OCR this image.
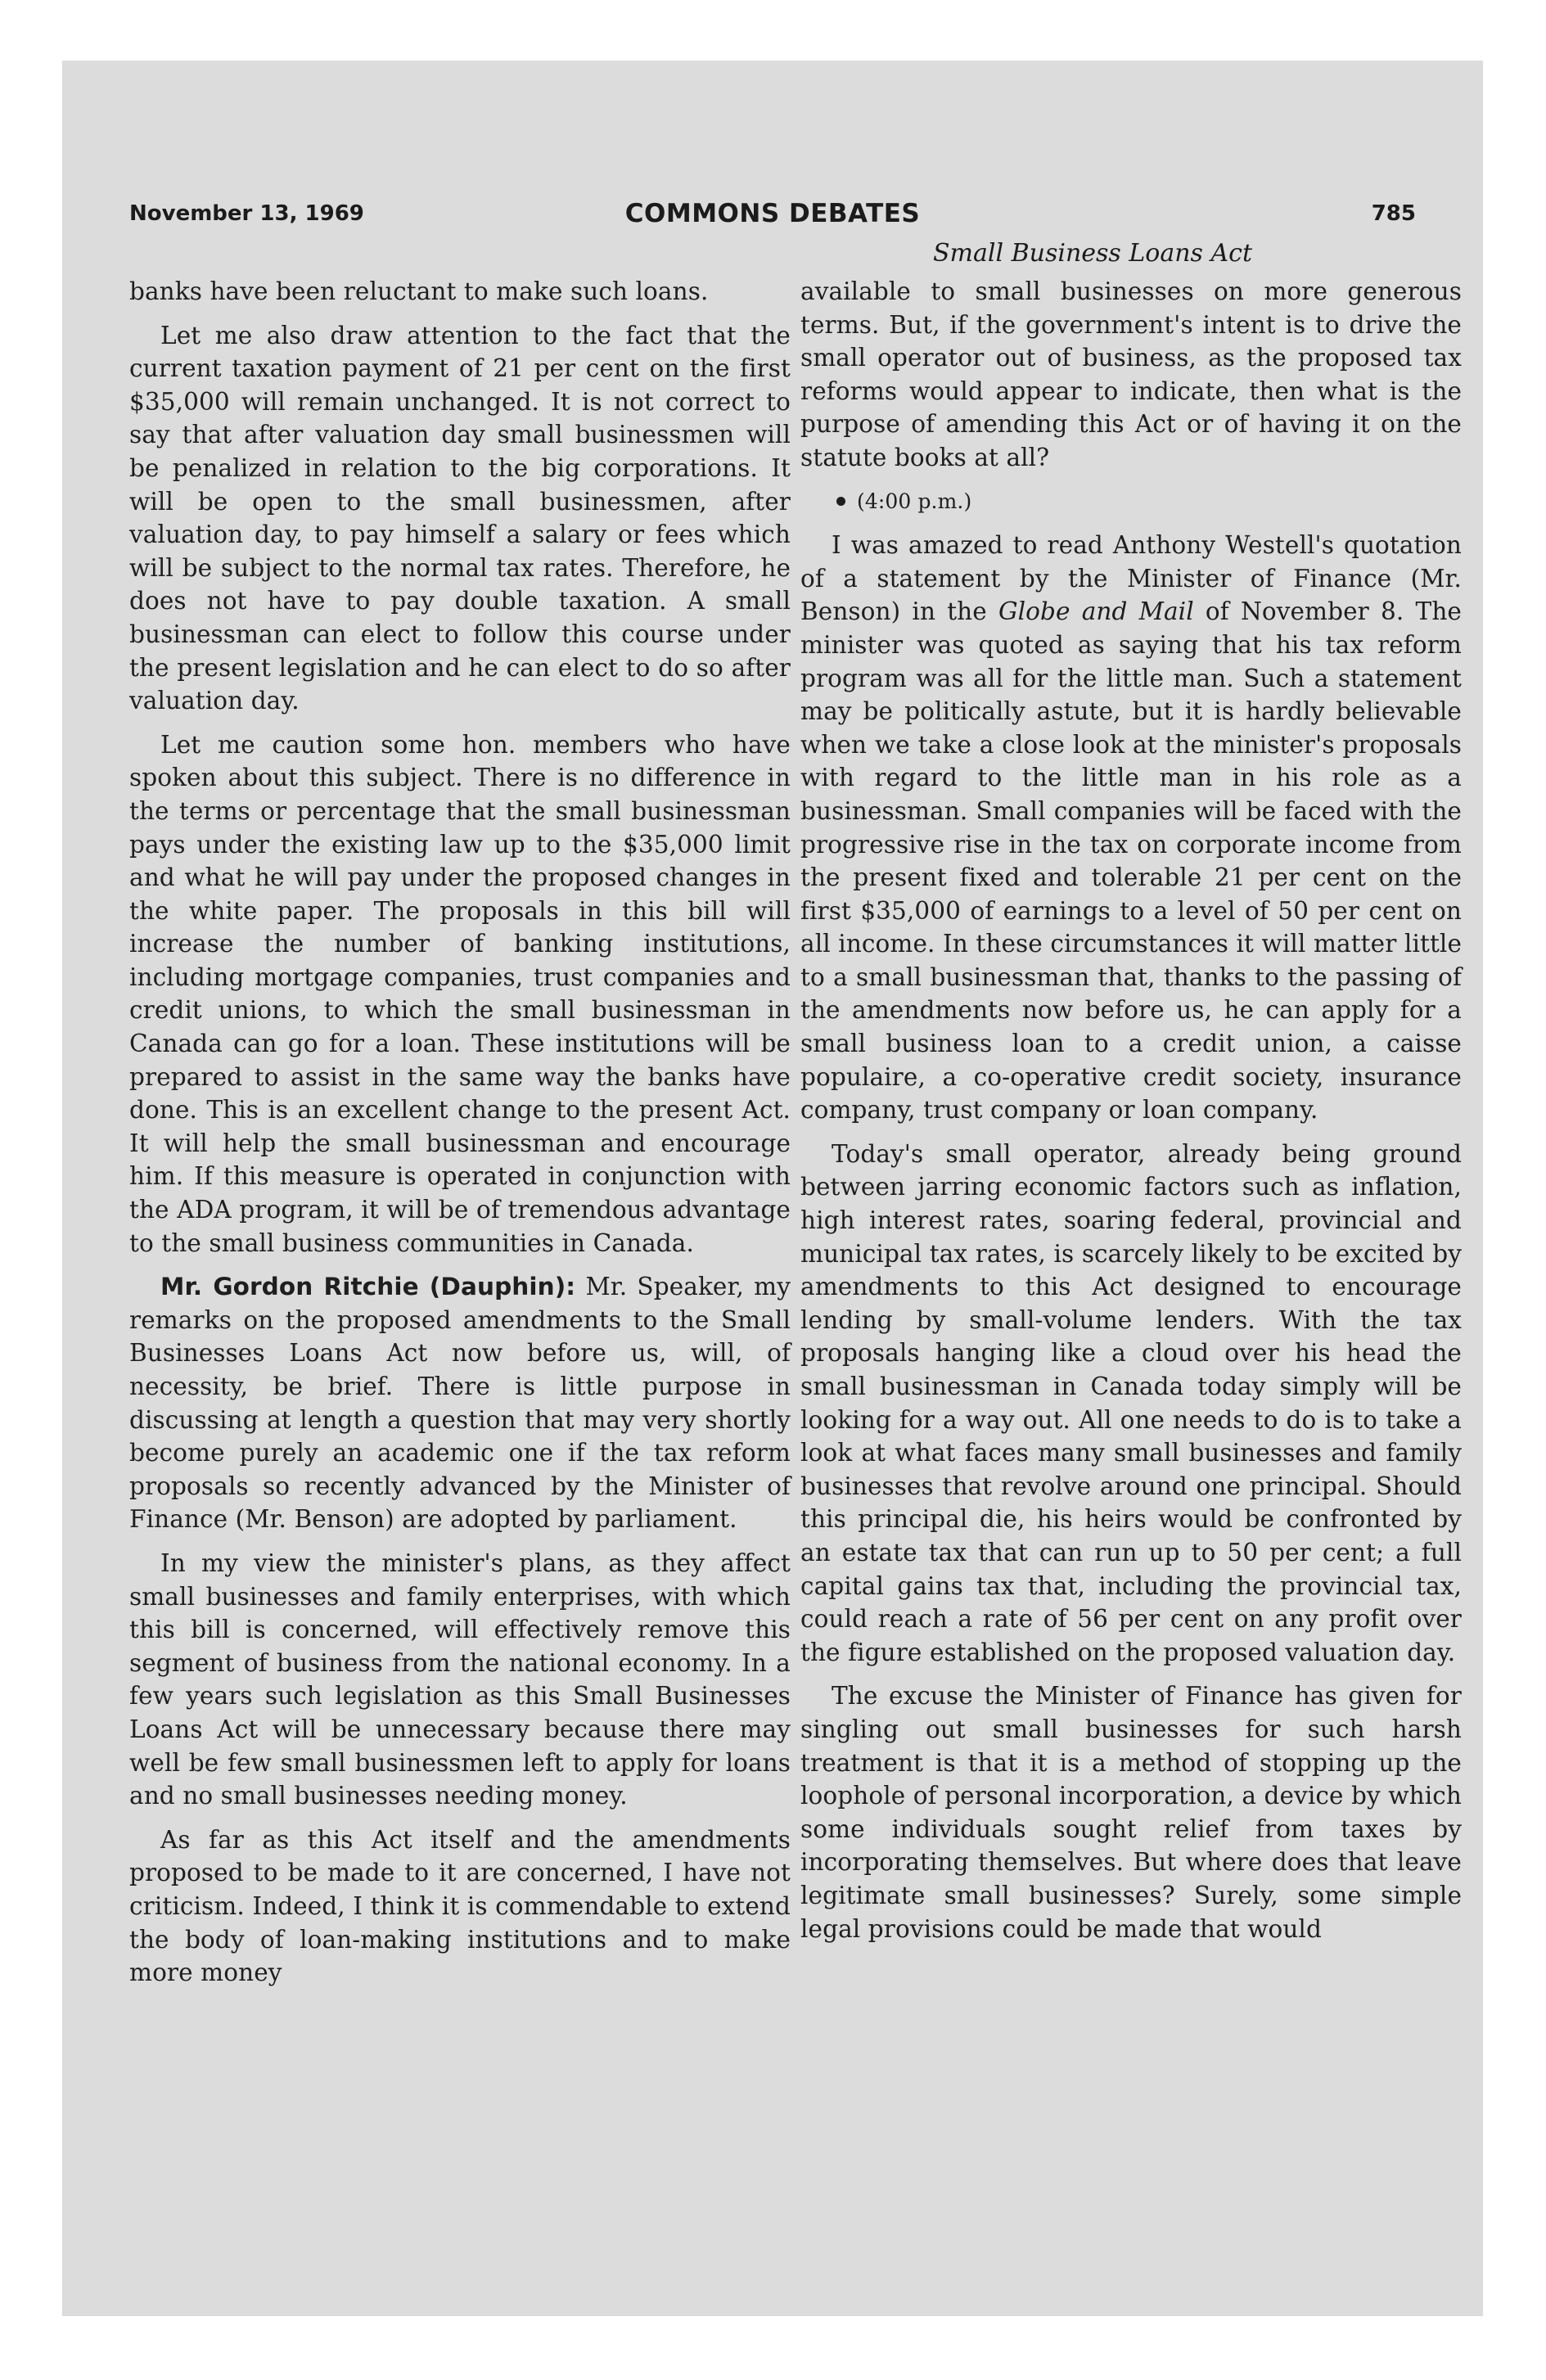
November 13, 1969	COMMONS DEBATES	785
Small Business Loans Act

banks have been reluctant to make such loans.

Let me also draw attention to the fact that the current taxation payment of 21 per cent on the first $35,000 will remain unchanged. It is not correct to say that after valuation day small businessmen will be penalized in relation to the big corporations. It will be open to the small businessmen, after valuation day, to pay himself a salary or fees which will be subject to the normal tax rates. Therefore, he does not have to pay double taxation. A small businessman can elect to follow this course under the present legislation and he can elect to do so after valuation day.

Let me caution some hon. members who have spoken about this subject. There is no difference in the terms or percentage that the small businessman pays under the existing law up to the $35,000 limit and what he will pay under the proposed changes in the white paper. The proposals in this bill will increase the number of banking institutions, including mortgage companies, trust companies and credit unions, to which the small businessman in Canada can go for a loan. These institutions will be prepared to assist in the same way the banks have done. This is an excellent change to the present Act. It will help the small businessman and encourage him. If this measure is operated in conjunction with the ADA program, it will be of tremendous advantage to the small business communities in Canada.

Mr. Gordon Ritchie (Dauphin): Mr. Speaker, my remarks on the proposed amendments to the Small Businesses Loans Act now before us, will, of necessity, be brief. There is little purpose in discussing at length a question that may very shortly become purely an academic one if the tax reform proposals so recently advanced by the Minister of Finance (Mr. Benson) are adopted by parliament.

In my view the minister's plans, as they affect small businesses and family enterprises, with which this bill is concerned, will effectively remove this segment of business from the national economy. In a few years such legislation as this Small Businesses Loans Act will be unnecessary because there may well be few small businessmen left to apply for loans and no small businesses needing money.

As far as this Act itself and the amendments proposed to be made to it are concerned, I have not criticism. Indeed, I think it is commendable to extend the body of loan-making institutions and to make more money

available to small businesses on more generous terms. But, if the government's intent is to drive the small operator out of business, as the proposed tax reforms would appear to indicate, then what is the purpose of amending this Act or of having it on the statute books at all?

(4:00 p.m.)

I was amazed to read Anthony Westell's quotation of a statement by the Minister of Finance (Mr. Benson) in the Globe and Mail of November 8. The minister was quoted as saying that his tax reform program was all for the little man. Such a statement may be politically astute, but it is hardly believable when we take a close look at the minister's proposals with regard to the little man in his role as a businessman. Small companies will be faced with the progressive rise in the tax on corporate income from the present fixed and tolerable 21 per cent on the first $35,000 of earnings to a level of 50 per cent on all income. In these circumstances it will matter little to a small businessman that, thanks to the passing of the amendments now before us, he can apply for a small business loan to a credit union, a caisse populaire, a co-operative credit society, insurance company, trust company or loan company.

Today's small operator, already being ground between jarring economic factors such as inflation, high interest rates, soaring federal, provincial and municipal tax rates, is scarcely likely to be excited by amendments to this Act designed to encourage lending by small-volume lenders. With the tax proposals hanging like a cloud over his head the small businessman in Canada today simply will be looking for a way out. All one needs to do is to take a look at what faces many small businesses and family businesses that revolve around one principal. Should this principal die, his heirs would be confronted by an estate tax that can run up to 50 per cent; a full capital gains tax that, including the provincial tax, could reach a rate of 56 per cent on any profit over the figure established on the proposed valuation day.

The excuse the Minister of Finance has given for singling out small businesses for such harsh treatment is that it is a method of stopping up the loophole of personal incorporation, a device by which some individuals sought relief from taxes by incorporating themselves. But where does that leave legitimate small businesses? Surely, some simple legal provisions could be made that would
